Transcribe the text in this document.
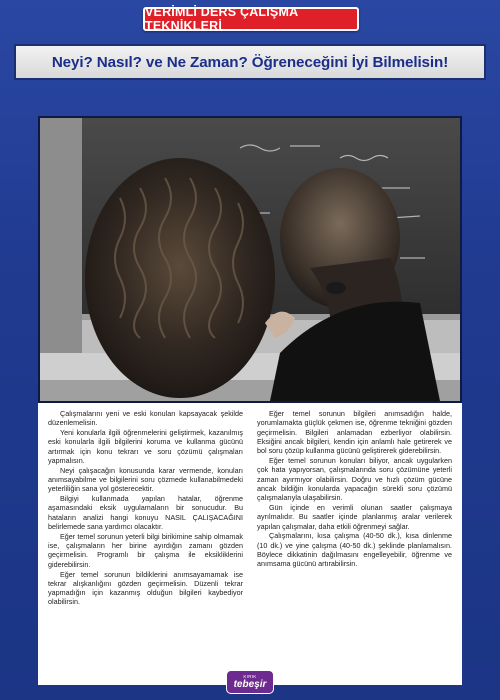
VERİMLİ DERS ÇALIŞMA TEKNİKLERİ
Neyi? Nasıl? ve Ne Zaman? Öğreneceğini İyi Bilmelisin!

Çalışmalarını yeni ve eski konuları kapsayacak şekilde düzenlemelisin.

Yeni konularla ilgili öğrenmelerini geliştirmek, kazanılmış eski konularla ilgili bilgilerini koruma ve kullanma gücünü artırmak için konu tekrarı ve soru çözümü çalışmaları yapmalısın.

Neyi çalışacağın konusunda karar vermende, konuları anımsayabilme ve bilgilerini soru çözmede kullanabilmedeki yeterliliğin sana yol gösterecektir.

Bilgiyi kullanmada yapılan hatalar, öğrenme aşamasındaki eksik uygulamaların bir sonucudur. Bu hataların analizi hangi konuyu NASIL ÇALIŞACAĞINI belirlemede sana yardımcı olacaktır.

Eğer temel sorunun yeterli bilgi birikimine sahip olmamak ise, çalışmaların her birine ayırdığın zamanı gözden geçirmelisin. Programlı bir çalışma ile eksikliklerini giderebilirsin.

Eğer temel sorunun bildiklerini anımsayamamak ise tekrar alışkanlığını gözden geçirmelisin. Düzenli tekrar yapmadığın için kazanmış olduğun bilgileri kaybediyor olabilirsin.

Eğer temel sorunun bilgileri anımsadığın halde, yorumlamakta güçlük çekmen ise, öğrenme tekniğini gözden geçirmelisin. Bilgileri anlamadan ezberliyor olabilirsin. Eksiğini ancak bilgileri, kendin için anlamlı hale getirerek ve bol soru çözüp kullanma gücünü geliştirerek giderebilirsin.

Eğer temel sorunun konuları biliyor, ancak uygularken çok hata yapıyorsan, çalışmalarında soru çözümüne yeterli zaman ayırmıyor olabilirsin. Doğru ve hızlı çözüm gücüne ancak bildiğin konularda yapacağın sürekli soru çözümü çalışmalarıyla ulaşabilirsin.

Gün içinde en verimli olunan saatler çalışmaya ayrılmalıdır. Bu saatler içinde planlanmış aralar verilerek yapılan çalışmalar, daha etkili öğrenmeyi sağlar.

Çalışmalarını, kısa çalışma (40-50 dk.), kısa dinlenme (10 dk.) ve yine çalışma (40-50 dk.) şeklinde planlamalısın. Böylece dikkatinin dağılmasını engelleyebilir, öğrenme ve anımsama gücünü artırabilirsin.

KIRIK
tebeşir
